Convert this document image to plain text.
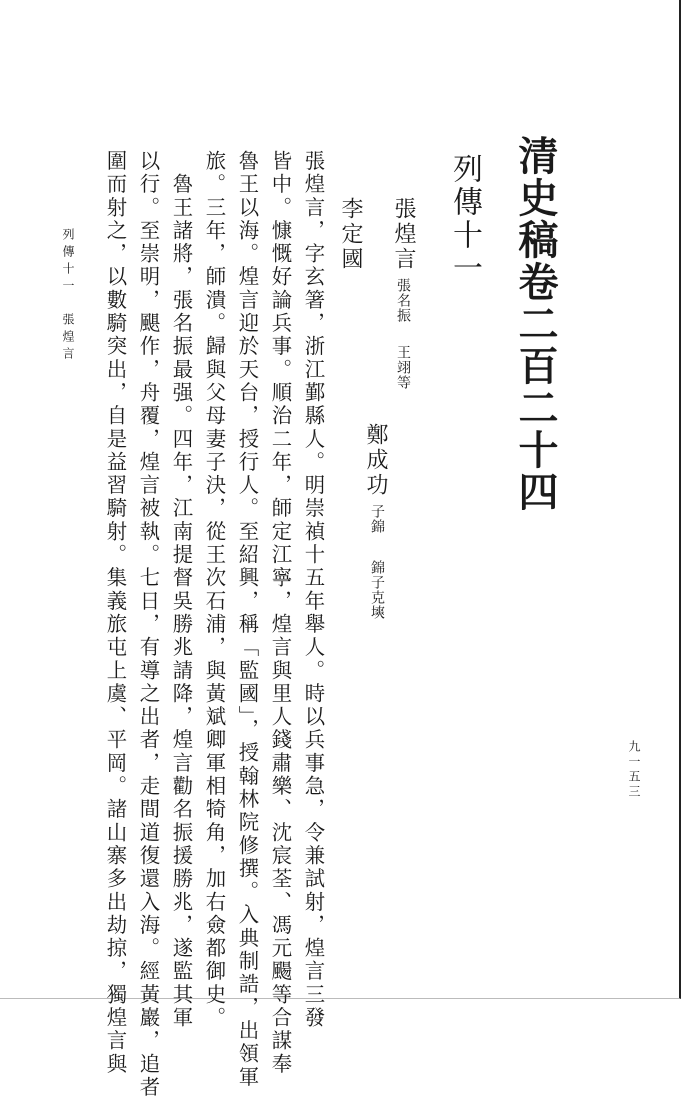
清史稿卷二百二十四
列傳十一
張煌言
張名振
王翊等
鄭成功
子錦
錦子克塽
李定國
張煌言，字玄箸，浙江鄞縣人。明崇禎十五年舉人。時以兵事急，令兼試射，煌言三發
皆中。慷慨好論兵事。順治二年，師定江寧，煌言與里人錢肅樂、沈宸荃、馮元颺等合謀奉
魯王以海。煌言迎於天台，授行人。至紹興，稱「監國」，授翰林院修撰。入典制誥，出領軍
旅。三年，師潰。歸與父母妻子決，從王次石浦，與黃斌卿軍相犄角，加右僉都御史。
　魯王諸將，張名振最强。四年，江南提督吳勝兆請降，煌言勸名振援勝兆，遂監其軍
以行。至崇明，颶作，舟覆，煌言被執。七日，有導之出者，走間道復還入海。經黃巖，追者
圍而射之，以數騎突出，自是益習騎射。集義旅屯上虞、平岡。諸山寨多出劫掠，獨煌言與
列傳十一　張煌言
九一五三
